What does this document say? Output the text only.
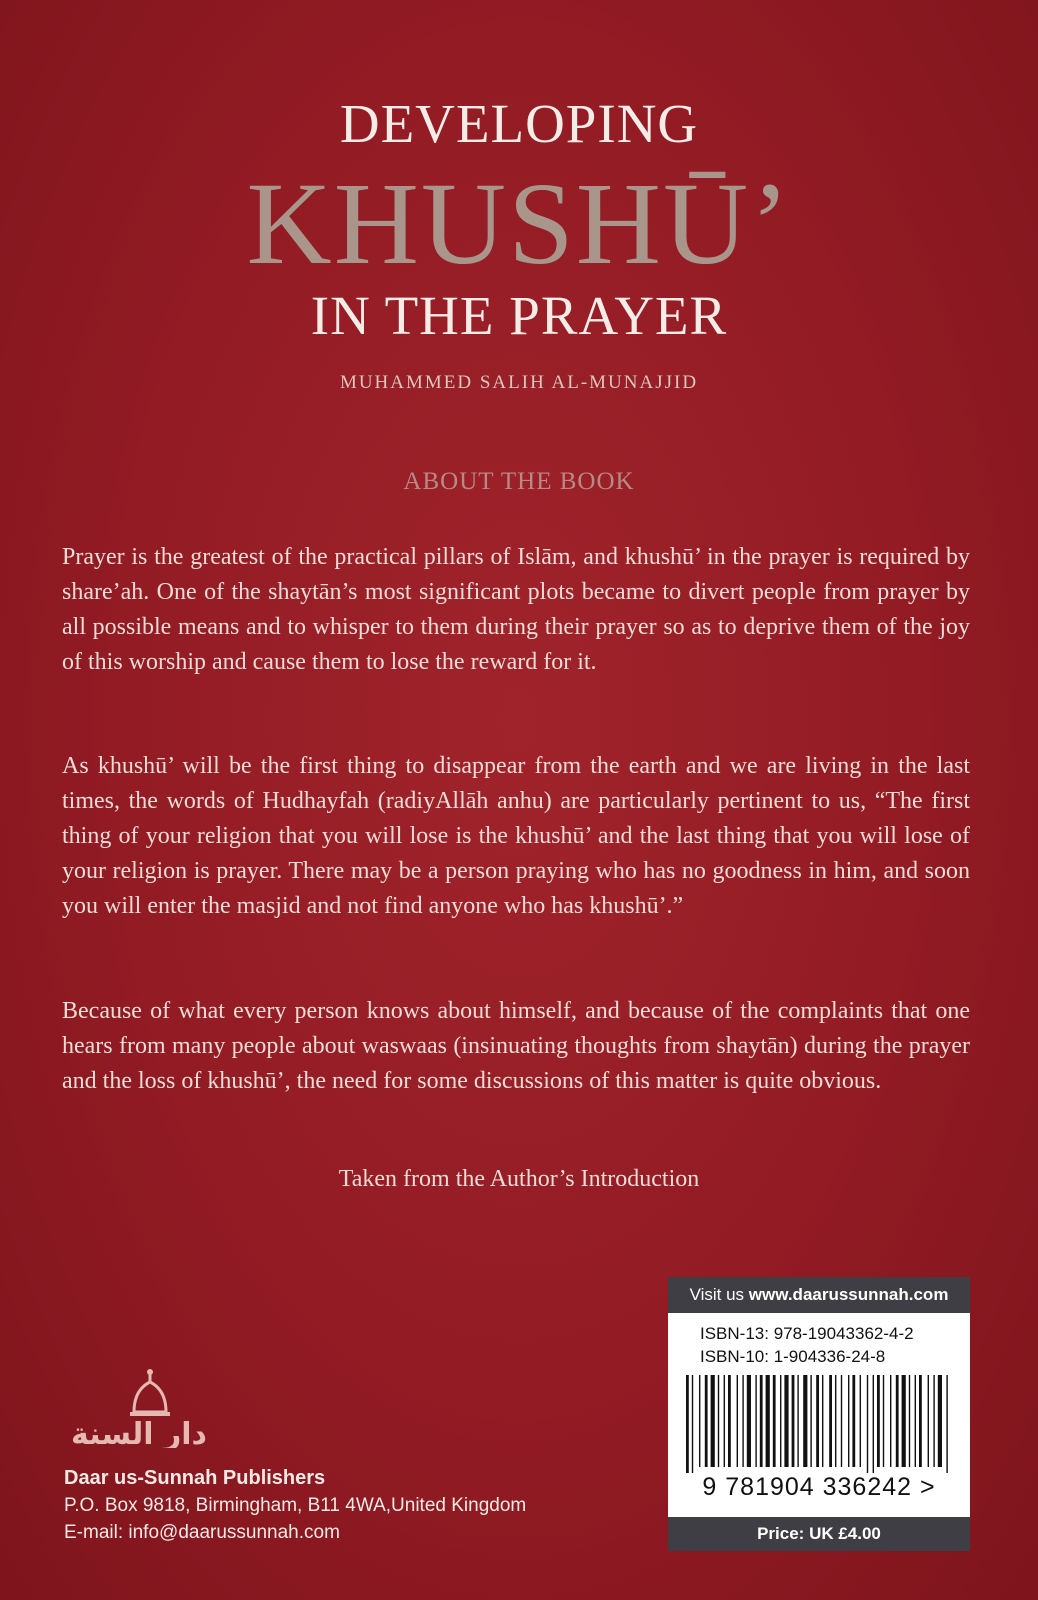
DEVELOPING
KHUSHŪ’
IN THE PRAYER
MUHAMMED SALIH AL-MUNAJJID
ABOUT THE BOOK

Prayer is the greatest of the practical pillars of Islām, and khushū’ in the prayer is required by share’ah. One of the shaytān’s most significant plots became to divert people from prayer by all possible means and to whisper to them during their prayer so as to deprive them of the joy of this worship and cause them to lose the reward for it.

As khushū’ will be the first thing to disappear from the earth and we are living in the last times, the words of Hudhayfah (radiyAllāh anhu) are particularly pertinent to us, “The first thing of your religion that you will lose is the khushū’ and the last thing that you will lose of your religion is prayer. There may be a person praying who has no goodness in him, and soon you will enter the masjid and not find anyone who has khushū’.”

Because of what every person knows about himself, and because of the complaints that one hears from many people about waswaas (insinuating thoughts from shaytān) during the prayer and the loss of khushū’, the need for some discussions of this matter is quite obvious.

Taken from the Author’s Introduction
دار السنة
Daar us-Sunnah Publishers
P.O. Box 9818, Birmingham, B11 4WA,United Kingdom
E-mail: info@daarussunnah.com
Visit us www.daarussunnah.com
ISBN-13: 978-19043362-4-2
ISBN-10: 1-904336-24-8
9 781904 336242 >
Price: UK £4.00
